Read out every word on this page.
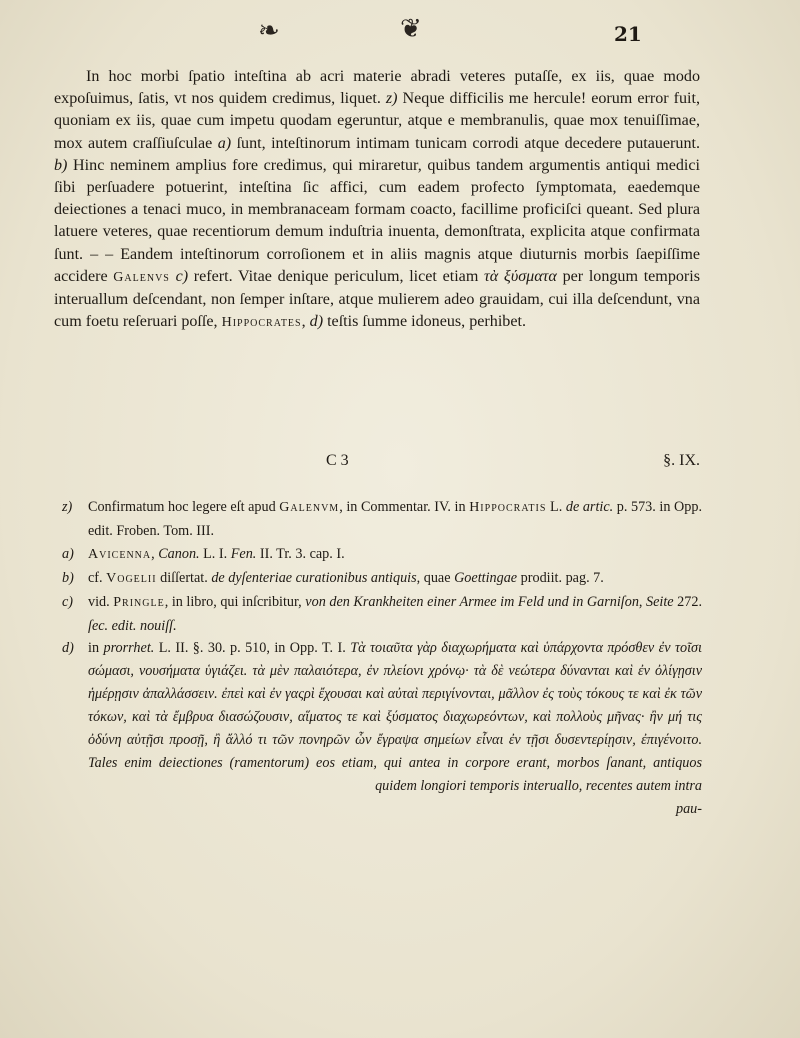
❧	❦	21

In hoc morbi ſpatio inteſtina ab acri materie abradi veteres putaſſe, ex iis, quae modo expoſuimus, ſatis, vt nos quidem credimus, liquet. z) Neque difficilis me hercule! eorum error fuit, quoniam ex iis, quae cum impetu quodam egeruntur, atque e membranulis, quae mox tenuiſſimae, mox autem craſſiuſculae a) ſunt, inteſtinorum intimam tunicam corrodi atque decedere putauerunt. b) Hinc neminem amplius fore credimus, qui miraretur, quibus tandem argumentis antiqui medici ſibi perſuadere potuerint, inteſtina ſic affici, cum eadem profecto ſymptomata, eaedemque deiectiones a tenaci muco, in membranaceam formam coacto, facillime proficiſci queant. Sed plura latuere veteres, quae recentiorum demum induſtria inuenta, demonſtrata, explicita atque confirmata ſunt. – – Eandem inteſtinorum corroſionem et in aliis magnis atque diuturnis morbis ſaepiſſime accidere Galenvs c) refert. Vitae denique periculum, licet etiam τὰ ξύσματα per longum temporis interuallum deſcendant, non ſemper inſtare, atque mulierem adeo grauidam, cui illa deſcendunt, vna cum foetu reſeruari poſſe, Hippocrates, d) teſtis ſumme idoneus, perhibet.

C 3	§. IX.

z) Confirmatum hoc legere eſt apud Galenvm, in Commentar. IV. in Hippocratis L. de artic. p. 573. in Opp. edit. Froben. Tom. III.

a) Avicenna, Canon. L. I. Fen. II. Tr. 3. cap. I.

b) cf. Vogelii diſſertat. de dyſenteriae curationibus antiquis, quae Goettingae prodiit. pag. 7.

c) vid. Pringle, in libro, qui inſcribitur, von den Krankheiten einer Armee im Feld und in Garniſon, Seite 272. ſec. edit. nouiſſ.

d) in prorrhet. L. II. §. 30. p. 510, in Opp. T. I. Τὰ τοιαῦτα γὰρ διαχωρήματα καὶ ὑπάρχοντα πρόσθεν ἐν τοῖσι σώμασι, νουσήματα ὑγιάζει. τὰ μὲν παλαιότερα, ἐν πλείονι χρόνῳ· τὰ δὲ νεώτερα δύνανται καὶ ἐν ὀλίγῃσιν ἡμέρῃσιν ἀπαλλάσσειν. ἐπεὶ καὶ ἐν γαςρὶ ἔχουσαι καὶ αὐταὶ περιγίνονται, μᾶλλον ἐς τοὺς τόκους τε καὶ ἐκ τῶν τόκων, καὶ τὰ ἔμβρυα διασώζουσιν, αἵματος τε καὶ ξύσματος διαχωρεόντων, καὶ πολλοὺς μῆνας· ἢν μή τις ὀδύνη αὐτῇσι προσῇ, ἢ ἄλλό τι τῶν πονηρῶν ὧν ἔγραψα σημείων εἶναι ἐν τῇσι δυσεντερίῃσιν, ἐπιγένοιτο. Tales enim deiectiones (ramentorum) eos etiam, qui antea in corpore erant, morbos ſanant, antiquos quidem longiori temporis interuallo, recentes autem intra
pau-
